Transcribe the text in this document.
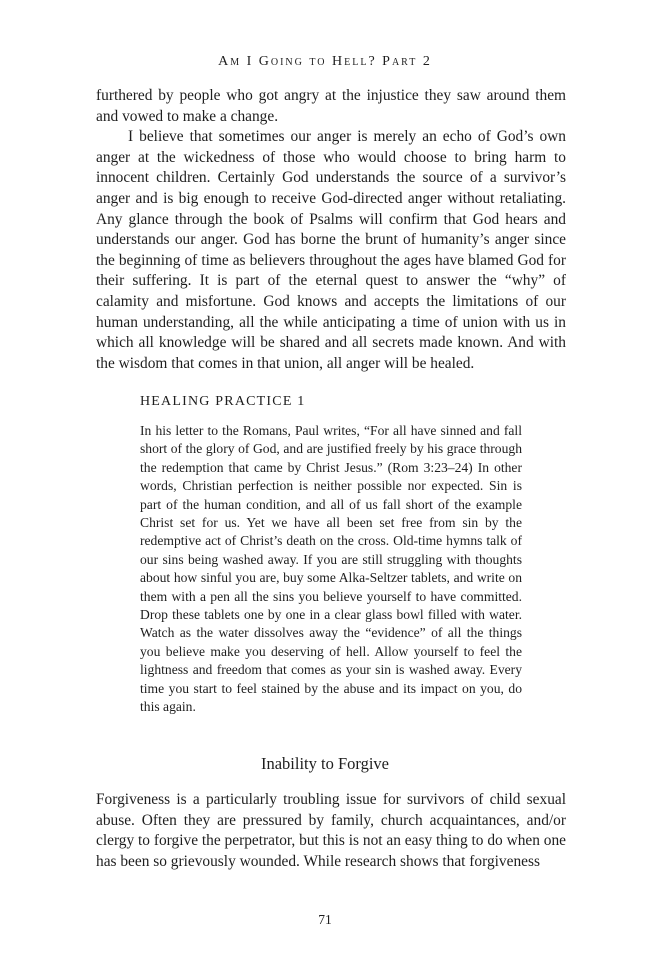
Am I Going to Hell? Part 2

furthered by people who got angry at the injustice they saw around them and vowed to make a change.

I believe that sometimes our anger is merely an echo of God’s own anger at the wickedness of those who would choose to bring harm to innocent children. Certainly God understands the source of a survivor’s anger and is big enough to receive God-directed anger without retaliating. Any glance through the book of Psalms will confirm that God hears and understands our anger. God has borne the brunt of humanity’s anger since the beginning of time as believers throughout the ages have blamed God for their suffering. It is part of the eternal quest to answer the “why” of calamity and misfortune. God knows and accepts the limitations of our human understanding, all the while anticipating a time of union with us in which all knowledge will be shared and all secrets made known. And with the wisdom that comes in that union, all anger will be healed.

HEALING PRACTICE 1

In his letter to the Romans, Paul writes, “For all have sinned and fall short of the glory of God, and are justified freely by his grace through the redemption that came by Christ Jesus.” (Rom 3:23–24) In other words, Christian perfection is neither possible nor expected. Sin is part of the human condition, and all of us fall short of the example Christ set for us. Yet we have all been set free from sin by the redemptive act of Christ’s death on the cross. Old-time hymns talk of our sins being washed away. If you are still struggling with thoughts about how sinful you are, buy some Alka-Seltzer tablets, and write on them with a pen all the sins you believe yourself to have committed. Drop these tablets one by one in a clear glass bowl filled with water. Watch as the water dissolves away the “evidence” of all the things you believe make you deserving of hell. Allow yourself to feel the lightness and freedom that comes as your sin is washed away. Every time you start to feel stained by the abuse and its impact on you, do this again.

Inability to Forgive

Forgiveness is a particularly troubling issue for survivors of child sexual abuse. Often they are pressured by family, church acquaintances, and/or clergy to forgive the perpetrator, but this is not an easy thing to do when one has been so grievously wounded. While research shows that forgiveness

71
